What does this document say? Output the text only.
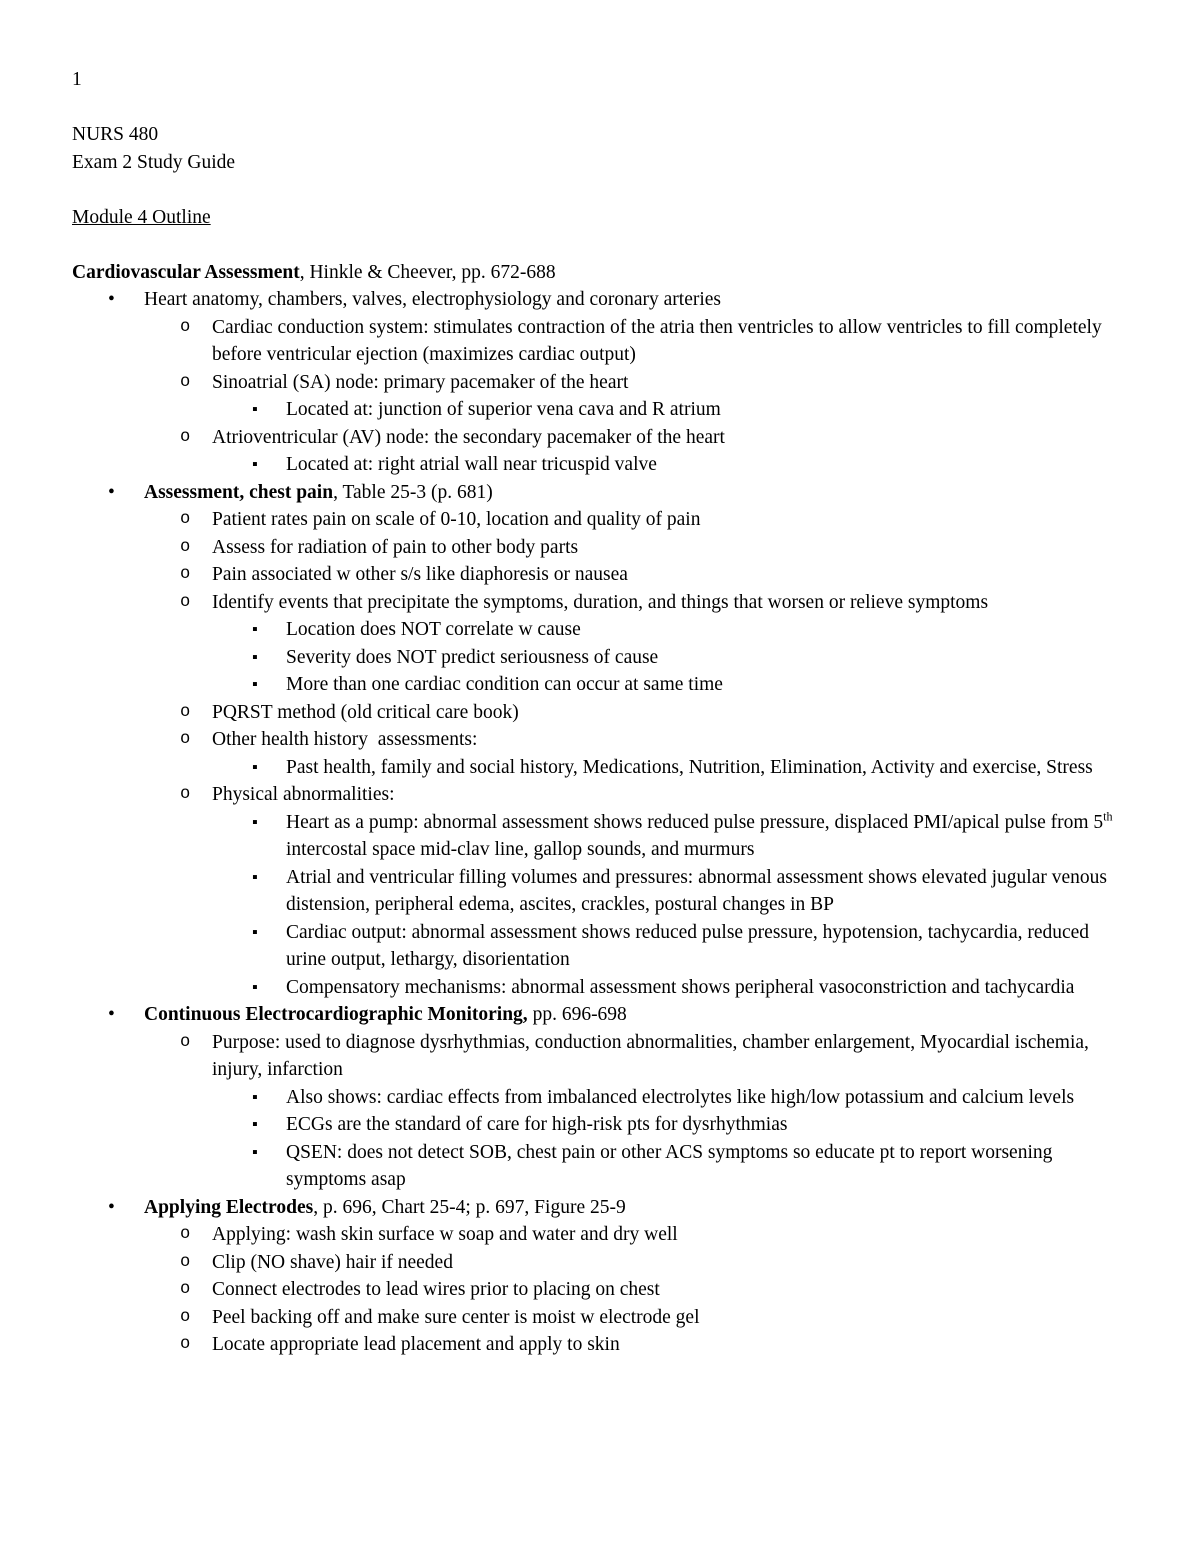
1
NURS 480
Exam 2 Study Guide
Module 4 Outline
Cardiovascular Assessment, Hinkle & Cheever, pp. 672-688
• Heart anatomy, chambers, valves, electrophysiology and coronary arteries
o Cardiac conduction system: stimulates contraction of the atria then ventricles to allow ventricles to fill completely before ventricular ejection (maximizes cardiac output)
o Sinoatrial (SA) node: primary pacemaker of the heart
▪ Located at: junction of superior vena cava and R atrium
o Atrioventricular (AV) node: the secondary pacemaker of the heart
▪ Located at: right atrial wall near tricuspid valve
• Assessment, chest pain, Table 25-3 (p. 681)
o Patient rates pain on scale of 0-10, location and quality of pain
o Assess for radiation of pain to other body parts
o Pain associated w other s/s like diaphoresis or nausea
o Identify events that precipitate the symptoms, duration, and things that worsen or relieve symptoms
▪ Location does NOT correlate w cause
▪ Severity does NOT predict seriousness of cause
▪ More than one cardiac condition can occur at same time
o PQRST method (old critical care book)
o Other health history  assessments:
▪ Past health, family and social history, Medications, Nutrition, Elimination, Activity and exercise, Stress
o Physical abnormalities:
▪ Heart as a pump: abnormal assessment shows reduced pulse pressure, displaced PMI/apical pulse from 5th intercostal space mid-clav line, gallop sounds, and murmurs
▪ Atrial and ventricular filling volumes and pressures: abnormal assessment shows elevated jugular venous distension, peripheral edema, ascites, crackles, postural changes in BP
▪ Cardiac output: abnormal assessment shows reduced pulse pressure, hypotension, tachycardia, reduced urine output, lethargy, disorientation
▪ Compensatory mechanisms: abnormal assessment shows peripheral vasoconstriction and tachycardia
• Continuous Electrocardiographic Monitoring, pp. 696-698
o Purpose: used to diagnose dysrhythmias, conduction abnormalities, chamber enlargement, Myocardial ischemia, injury, infarction
▪ Also shows: cardiac effects from imbalanced electrolytes like high/low potassium and calcium levels
▪ ECGs are the standard of care for high-risk pts for dysrhythmias
▪ QSEN: does not detect SOB, chest pain or other ACS symptoms so educate pt to report worsening symptoms asap
• Applying Electrodes, p. 696, Chart 25-4; p. 697, Figure 25-9
o Applying: wash skin surface w soap and water and dry well
o Clip (NO shave) hair if needed
o Connect electrodes to lead wires prior to placing on chest
o Peel backing off and make sure center is moist w electrode gel
o Locate appropriate lead placement and apply to skin
